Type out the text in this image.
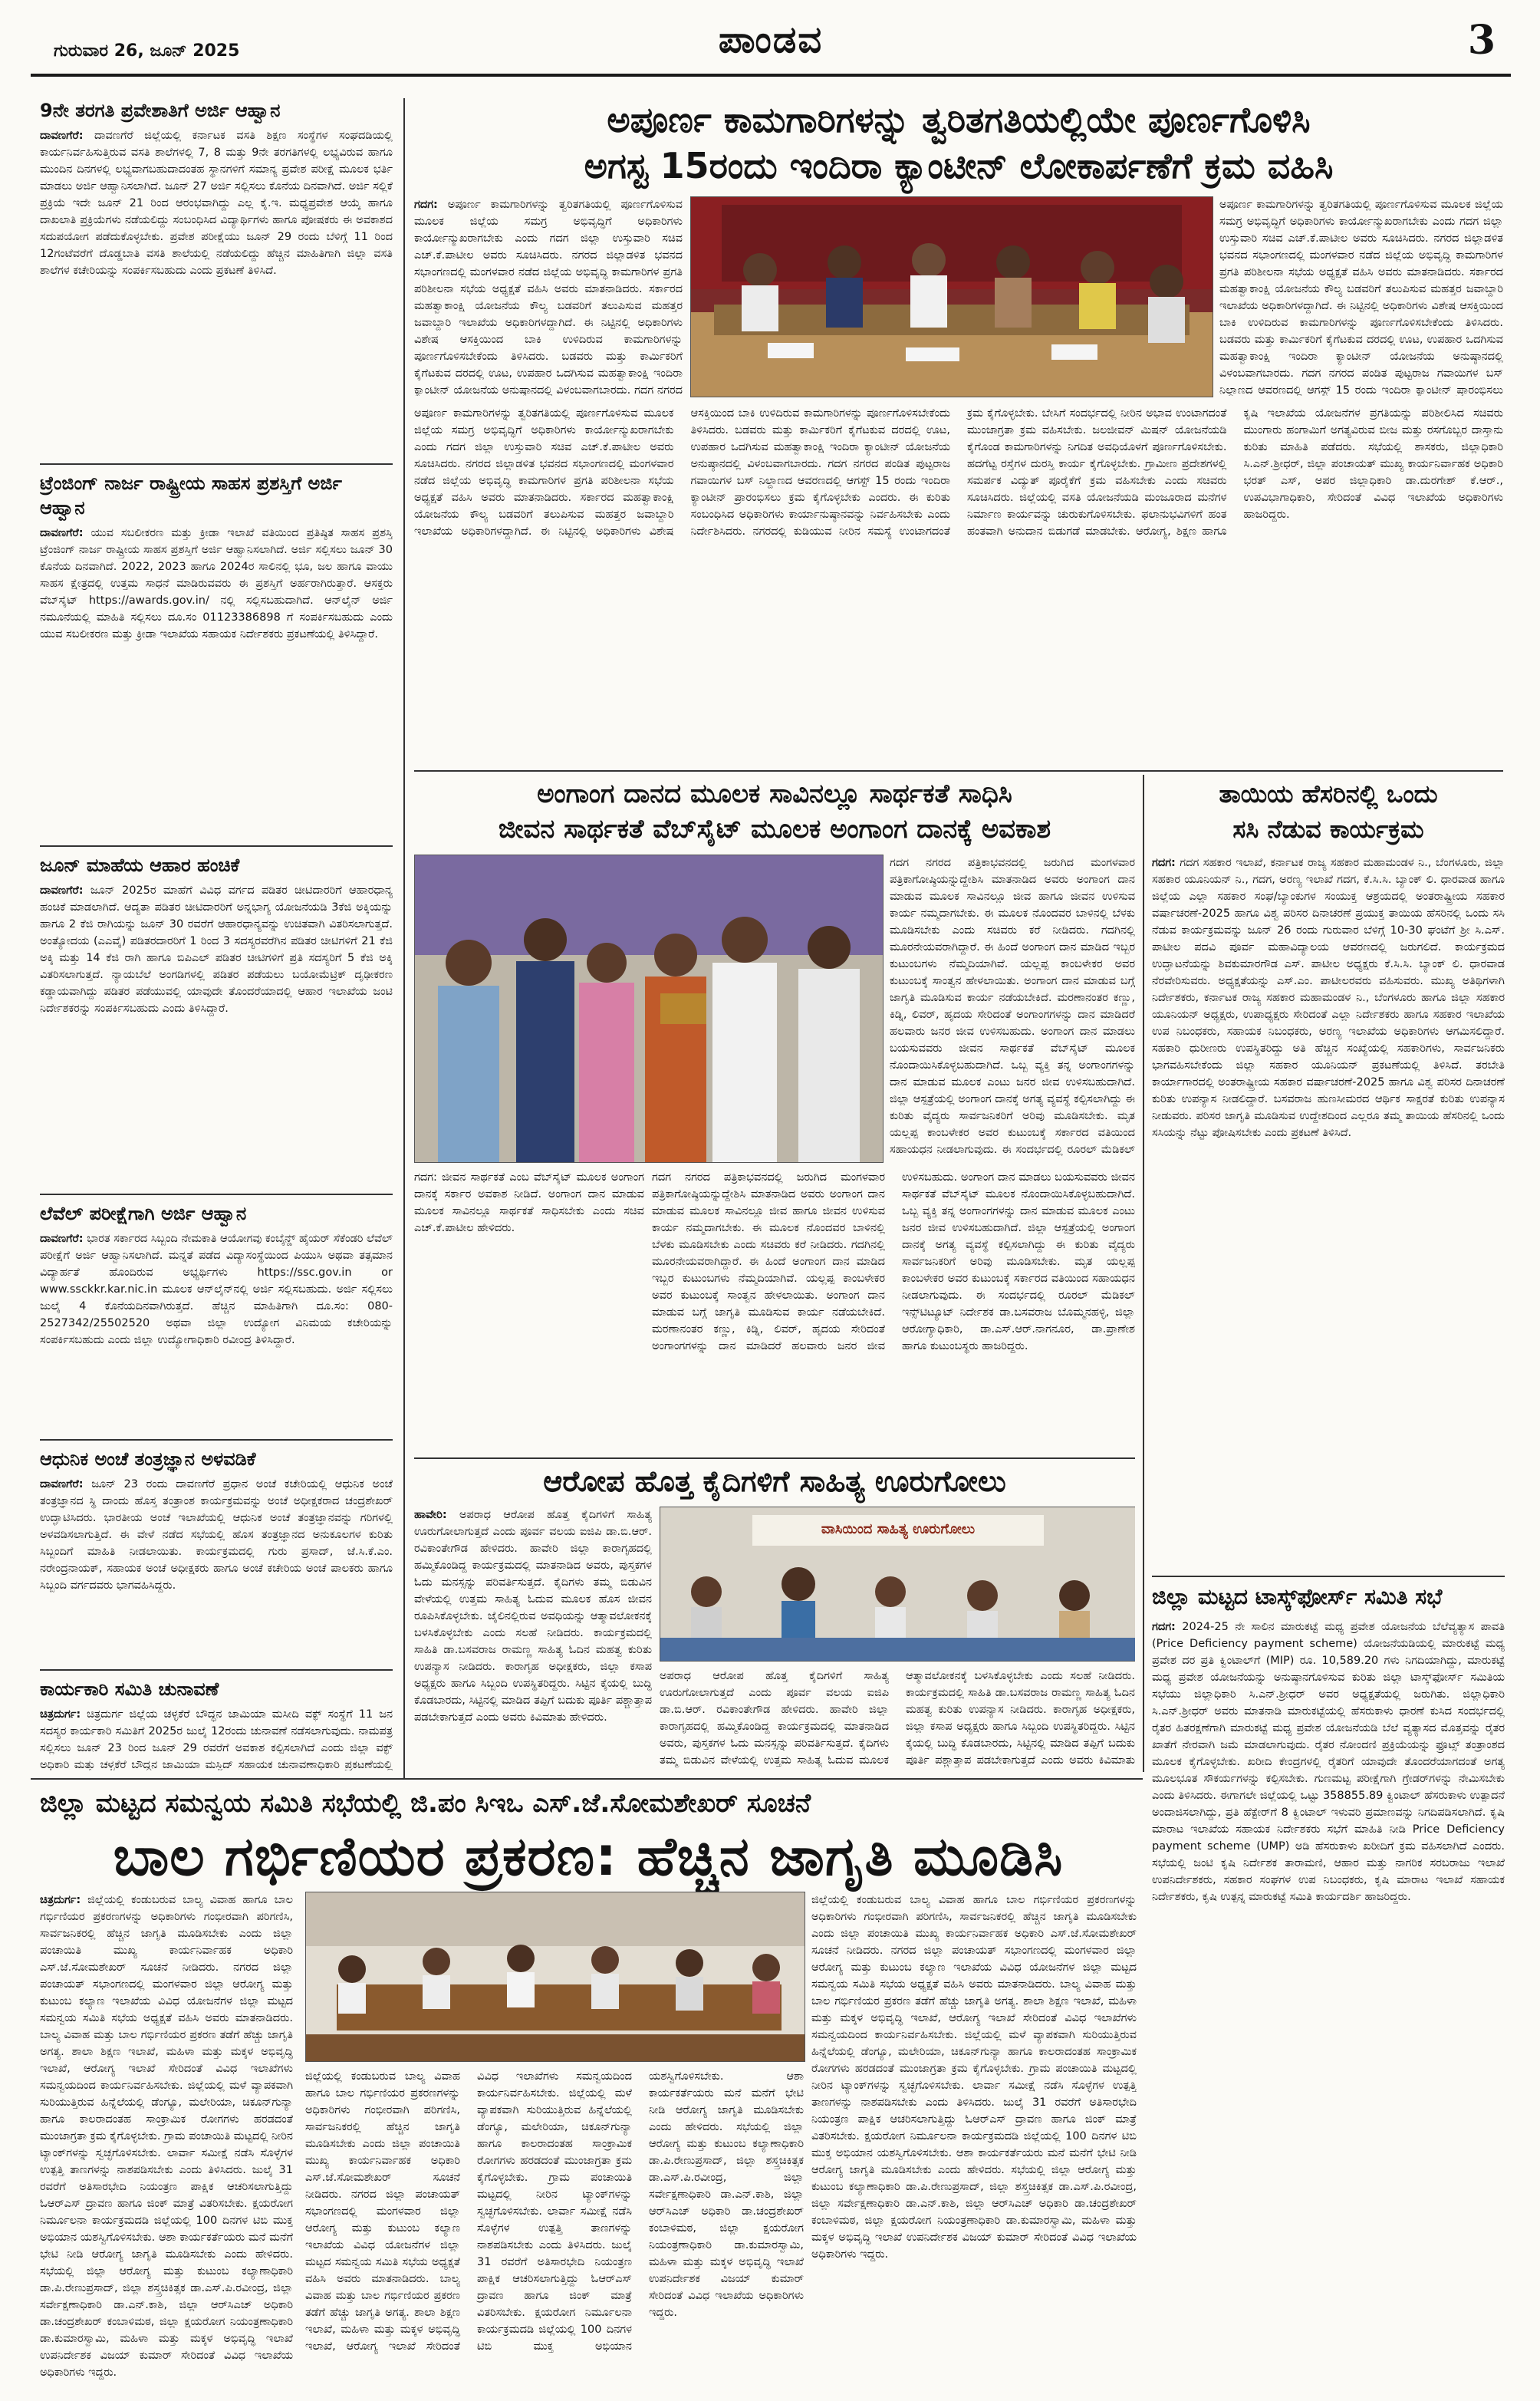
ಗುರುವಾರ 26, ಜೂನ್ 2025	ಪಾಂಡವ	3
9ನೇ ತರಗತಿ ಪ್ರವೇಶಾತಿಗೆ ಅರ್ಜಿ ಆಹ್ವಾನ

ದಾವಣಗೆರೆ: ದಾವಣಗೆರೆ ಜಿಲ್ಲೆಯಲ್ಲಿ ಕರ್ನಾಟಕ ವಸತಿ ಶಿಕ್ಷಣ ಸಂಸ್ಥೆಗಳ ಸಂಘದಡಿಯಲ್ಲಿ ಕಾರ್ಯನಿರ್ವಹಿಸುತ್ತಿರುವ ವಸತಿ ಶಾಲೆಗಳಲ್ಲಿ 7, 8 ಮತ್ತು 9ನೇ ತರಗತಿಗಳಲ್ಲಿ ಲಭ್ಯವಿರುವ ಹಾಗೂ ಮುಂದಿನ ದಿನಗಳಲ್ಲಿ ಲಭ್ಯವಾಗಬಹುದಾದಂತಹ ಸ್ಥಾನಗಳಿಗೆ ಸಮಾನ್ಯ ಪ್ರವೇಶ ಪರೀಕ್ಷೆ ಮೂಲಕ ಭರ್ತಿ ಮಾಡಲು ಅರ್ಜಿ ಆಹ್ವಾನಿಸಲಾಗಿದೆ. ಜೂನ್ 27 ಅರ್ಜಿ ಸಲ್ಲಿಸಲು ಕೊನೆಯ ದಿನವಾಗಿದೆ. ಅರ್ಜಿ ಸಲ್ಲಿಕೆ ಪ್ರಕ್ರಿಯೆ ಇದೇ ಜೂನ್ 21 ರಿಂದ ಆರಂಭವಾಗಿದ್ದು ಎಲ್ಲ ಕೈ.ಇ. ಮಧ್ಯಪ್ರವೇಶ ಆಯ್ಕೆ ಹಾಗೂ ದಾಖಲಾತಿ ಪ್ರಕ್ರಿಯೆಗಳು ನಡೆಯಲಿದ್ದು ಸಂಬಂಧಿಸಿದ ವಿದ್ಯಾರ್ಥಿಗಳು ಹಾಗೂ ಪೋಷಕರು ಈ ಅವಕಾಶದ ಸದುಪಯೋಗ ಪಡೆದುಕೊಳ್ಳಬೇಕು. ಪ್ರವೇಶ ಪರೀಕ್ಷೆಯು ಜೂನ್ 29 ರಂದು ಬೆಳಿಗ್ಗೆ 11 ರಿಂದ 12ಗಂಟೆವರೆಗೆ ದೊಡ್ಡಬಾತಿ ವಸತಿ ಶಾಲೆಯಲ್ಲಿ ನಡೆಯಲಿದ್ದು ಹೆಚ್ಚಿನ ಮಾಹಿತಿಗಾಗಿ ಜಿಲ್ಲಾ ವಸತಿ ಶಾಲೆಗಳ ಕಚೇರಿಯನ್ನು ಸಂಪರ್ಕಿಸಬಹುದು ಎಂದು ಪ್ರಕಟಣೆ ತಿಳಿಸಿದೆ.

ಟ್ರೆಂಜಿಂಗ್ ನಾರ್ಜ ರಾಷ್ಟ್ರೀಯ ಸಾಹಸ ಪ್ರಶಸ್ತಿಗೆ ಅರ್ಜಿ ಆಹ್ವಾನ

ದಾವಣಗೆರೆ: ಯುವ ಸಬಲೀಕರಣ ಮತ್ತು ಕ್ರೀಡಾ ಇಲಾಖೆ ವತಿಯಿಂದ ಪ್ರತಿಷ್ಠಿತ ಸಾಹಸ ಪ್ರಶಸ್ತಿ ಟ್ರೆಂಜಿಂಗ್ ನಾರ್ಜ ರಾಷ್ಟ್ರೀಯ ಸಾಹಸ ಪ್ರಶಸ್ತಿಗೆ ಅರ್ಜಿ ಆಹ್ವಾನಿಸಲಾಗಿದೆ. ಅರ್ಜಿ ಸಲ್ಲಿಸಲು ಜೂನ್ 30 ಕೊನೆಯ ದಿನವಾಗಿದೆ. 2022, 2023 ಹಾಗೂ 2024ರ ಸಾಲಿನಲ್ಲಿ ಭೂ, ಜಲ ಹಾಗೂ ವಾಯು ಸಾಹಸ ಕ್ಷೇತ್ರದಲ್ಲಿ ಉತ್ತಮ ಸಾಧನೆ ಮಾಡಿರುವವರು ಈ ಪ್ರಶಸ್ತಿಗೆ ಅರ್ಹರಾಗಿರುತ್ತಾರೆ. ಆಸಕ್ತರು ವೆಬ್‌ಸೈಟ್ https://awards.gov.in/ ನಲ್ಲಿ ಸಲ್ಲಿಸಬಹುದಾಗಿದೆ. ಆನ್‌ಲೈನ್ ಅರ್ಜಿ ನಮೂನೆಯಲ್ಲಿ ಮಾಹಿತಿ ಸಲ್ಲಿಸಲು ದೂ.ಸಂ 01123386898 ಗೆ ಸಂಪರ್ಕಿಸಬಹುದು ಎಂದು ಯುವ ಸಬಲೀಕರಣ ಮತ್ತು ಕ್ರೀಡಾ ಇಲಾಖೆಯ ಸಹಾಯಕ ನಿರ್ದೇಶಕರು ಪ್ರಕಟಣೆಯಲ್ಲಿ ತಿಳಿಸಿದ್ದಾರೆ.

ಜೂನ್ ಮಾಹೆಯ ಆಹಾರ ಹಂಚಿಕೆ

ದಾವಣಗೆರೆ: ಜೂನ್ 2025ರ ಮಾಹೆಗೆ ವಿವಿಧ ವರ್ಗದ ಪಡಿತರ ಚೀಟಿದಾರರಿಗೆ ಆಹಾರಧಾನ್ಯ ಹಂಚಿಕೆ ಮಾಡಲಾಗಿದೆ. ಆದ್ಯತಾ ಪಡಿತರ ಚೀಟಿದಾರರಿಗೆ ಅನ್ನಭಾಗ್ಯ ಯೋಜನೆಯಡಿ 3ಕೆಜಿ ಅಕ್ಕಿಯನ್ನು ಹಾಗೂ 2 ಕೆಜಿ ರಾಗಿಯನ್ನು ಜೂನ್ 30 ರವರೆಗೆ ಆಹಾರಧಾನ್ಯವನ್ನು ಉಚಿತವಾಗಿ ವಿತರಿಸಲಾಗುತ್ತದೆ. ಅಂತ್ಯೋದಯ (ಎಎವೈ) ಪಡಿತರದಾರರಿಗೆ 1 ರಿಂದ 3 ಸದಸ್ಯರವರೆಗಿನ ಪಡಿತರ ಚೀಟಿಗಳಿಗೆ 21 ಕೆಜಿ ಅಕ್ಕಿ ಮತ್ತು 14 ಕೆಜಿ ರಾಗಿ ಹಾಗೂ ಬಿಪಿಎಲ್ ಪಡಿತರ ಚೀಟಿಗಳಿಗೆ ಪ್ರತಿ ಸದಸ್ಯರಿಗೆ 5 ಕೆಜಿ ಅಕ್ಕಿ ವಿತರಿಸಲಾಗುತ್ತದೆ. ನ್ಯಾಯಬೆಲೆ ಅಂಗಡಿಗಳಲ್ಲಿ ಪಡಿತರ ಪಡೆಯಲು ಬಯೋಮೆಟ್ರಿಕ್ ದೃಢೀಕರಣ ಕಡ್ಡಾಯವಾಗಿದ್ದು ಪಡಿತರ ಪಡೆಯುವಲ್ಲಿ ಯಾವುದೇ ತೊಂದರೆಯಾದಲ್ಲಿ ಆಹಾರ ಇಲಾಖೆಯ ಜಂಟಿ ನಿರ್ದೇಶಕರನ್ನು ಸಂಪರ್ಕಿಸಬಹುದು ಎಂದು ತಿಳಿಸಿದ್ದಾರೆ.

ಲೆವೆಲ್ ಪರೀಕ್ಷೆಗಾಗಿ ಅರ್ಜಿ ಆಹ್ವಾನ

ದಾವಣಗೆರೆ: ಭಾರತ ಸರ್ಕಾರದ ಸಿಬ್ಬಂದಿ ನೇಮಕಾತಿ ಆಯೋಗವು ಕಂಬೈನ್ಡ್ ಹೈಯರ್ ಸೆಕೆಂಡರಿ ಲೆವೆಲ್ ಪರೀಕ್ಷೆಗೆ ಅರ್ಜಿ ಆಹ್ವಾನಿಸಲಾಗಿದೆ. ಮನ್ನತೆ ಪಡೆದ ವಿದ್ಯಾಸಂಸ್ಥೆಯಿಂದ ಪಿಯುಸಿ ಅಥವಾ ತತ್ಸಮಾನ ವಿದ್ಯಾರ್ಹತೆ ಹೊಂದಿರುವ ಅಭ್ಯರ್ಥಿಗಳು https://ssc.gov.in or www.ssckkr.kar.nic.in ಮೂಲಕ ಆನ್‌ಲೈನ್‌ನಲ್ಲಿ ಅರ್ಜಿ ಸಲ್ಲಿಸಬಹುದು. ಅರ್ಜಿ ಸಲ್ಲಿಸಲು ಜುಲೈ 4 ಕೊನೆಯದಿನವಾಗಿರುತ್ತದೆ. ಹೆಚ್ಚಿನ ಮಾಹಿತಿಗಾಗಿ ದೂ.ಸಂ: 080-2527342/25502520 ಅಥವಾ ಜಿಲ್ಲಾ ಉದ್ಯೋಗ ವಿನಿಮಯ ಕಚೇರಿಯನ್ನು ಸಂಪರ್ಕಿಸಬಹುದು ಎಂದು ಜಿಲ್ಲಾ ಉದ್ಯೋಗಾಧಿಕಾರಿ ರವೀಂದ್ರ ತಿಳಿಸಿದ್ದಾರೆ.

ಆಧುನಿಕ ಅಂಚೆ ತಂತ್ರಜ್ಞಾನ ಅಳವಡಿಕೆ

ದಾವಣಗೆರೆ: ಜೂನ್ 23 ರಂದು ದಾವಣಗೆರೆ ಪ್ರಧಾನ ಅಂಚೆ ಕಚೇರಿಯಲ್ಲಿ ಆಧುನಿಕ ಅಂಚೆ ತಂತ್ರಜ್ಞಾನದ ಸ್ಥಿ ದಾಂದು ಹೊಸ್ತ ತಂತ್ರಾಂಶ ಕಾರ್ಯಕ್ರಮವನ್ನು ಅಂಚೆ ಅಧೀಕ್ಷಕರಾದ ಚಂದ್ರಶೇಖರ್ ಉದ್ಘಾಟಿಸಿದರು. ಭಾರತೀಯ ಅಂಚೆ ಇಲಾಖೆಯಲ್ಲಿ ಆಧುನಿಕ ಅಂಚೆ ತಂತ್ರಜ್ಞಾನವನ್ನು ಗರಿಗಳಲ್ಲಿ ಅಳವಡಿಸಲಾಗುತ್ತಿದೆ. ಈ ವೇಳೆ ನಡೆದ ಸಭೆಯಲ್ಲಿ ಹೊಸ ತಂತ್ರಜ್ಞಾನದ ಅನುಕೂಲಗಳ ಕುರಿತು ಸಿಬ್ಬಂದಿಗೆ ಮಾಹಿತಿ ನೀಡಲಾಯಿತು. ಕಾರ್ಯಕ್ರಮದಲ್ಲಿ ಗುರು ಪ್ರಸಾದ್, ಜೆ.ಸಿ.ಕೆ.ಎಂ. ನರೇಂದ್ರನಾಯಕ್, ಸಹಾಯಕ ಅಂಚೆ ಅಧೀಕ್ಷಕರು ಹಾಗೂ ಅಂಚೆ ಕಚೇರಿಯ ಅಂಚೆ ಪಾಲಕರು ಹಾಗೂ ಸಿಬ್ಬಂದಿ ವರ್ಗದವರು ಭಾಗವಹಿಸಿದ್ದರು.

ಕಾರ್ಯಕಾರಿ ಸಮಿತಿ ಚುನಾವಣೆ

ಚಿತ್ರದುರ್ಗ: ಚಿತ್ರದುರ್ಗ ಜಿಲ್ಲೆಯ ಚಳ್ಳಕೆರೆ ಬೌದ್ಧನ ಜಾಮಿಯಾ ಮಸೀದಿ ವಕ್ಫ್ ಸಂಸ್ಥೆಗೆ 11 ಜನ ಸದಸ್ಯರ ಕಾರ್ಯಕಾರಿ ಸಮಿತಿಗೆ 2025ರ ಜುಲೈ 12ರಂದು ಚುನಾವಣೆ ನಡೆಸಲಾಗುವುದು. ನಾಮಪತ್ರ ಸಲ್ಲಿಸಲು ಜೂನ್ 23 ರಿಂದ ಜೂನ್ 29 ರವರೆಗೆ ಅವಕಾಶ ಕಲ್ಪಿಸಲಾಗಿದೆ ಎಂದು ಜಿಲ್ಲಾ ವಕ್ಫ್ ಅಧಿಕಾರಿ ಮತ್ತು ಚಳ್ಳಕೆರೆ ಬೌದ್ಧನ ಜಾಮಿಯಾ ಮಸ್ಜಿದ್ ಸಹಾಯಕ ಚುನಾವಣಾಧಿಕಾರಿ ಪ್ರಕಟಣೆಯಲ್ಲಿ

ಅಪೂರ್ಣ ಕಾಮಗಾರಿಗಳನ್ನು ತ್ವರಿತಗತಿಯಲ್ಲಿಯೇ ಪೂರ್ಣಗೊಳಿಸಿ
ಅಗಸ್ಟ 15ರಂದು ಇಂದಿರಾ ಕ್ಯಾಂಟೀನ್ ಲೋಕಾರ್ಪಣೆಗೆ ಕ್ರಮ ವಹಿಸಿ

ಗದಗ: ಅಪೂರ್ಣ ಕಾಮಗಾರಿಗಳನ್ನು ತ್ವರಿತಗತಿಯಲ್ಲಿ ಪೂರ್ಣಗೊಳಿಸುವ ಮೂಲಕ ಜಿಲ್ಲೆಯ ಸಮಗ್ರ ಅಭಿವೃದ್ಧಿಗೆ ಅಧಿಕಾರಿಗಳು ಕಾರ್ಯೋನ್ಮುಖರಾಗಬೇಕು ಎಂದು ಗದಗ ಜಿಲ್ಲಾ ಉಸ್ತುವಾರಿ ಸಚಿವ ಎಚ್.ಕೆ.ಪಾಟೀಲ ಅವರು ಸೂಚಿಸಿದರು. ನಗರದ ಜಿಲ್ಲಾಡಳಿತ ಭವನದ ಸಭಾಂಗಣದಲ್ಲಿ ಮಂಗಳವಾರ ನಡೆದ ಜಿಲ್ಲೆಯ ಅಭಿವೃದ್ಧಿ ಕಾಮಗಾರಿಗಳ ಪ್ರಗತಿ ಪರಿಶೀಲನಾ ಸಭೆಯ ಅಧ್ಯಕ್ಷತೆ ವಹಿಸಿ ಅವರು ಮಾತನಾಡಿದರು. ಸರ್ಕಾರದ ಮಹತ್ವಾಕಾಂಕ್ಷಿ ಯೋಜನೆಯ ಕೌಲ್ಯ ಬಡವರಿಗೆ ತಲುಪಿಸುವ ಮಹತ್ತರ ಜವಾಬ್ದಾರಿ ಇಲಾಖೆಯ ಅಧಿಕಾರಿಗಳದ್ದಾಗಿದೆ. ಈ ನಿಟ್ಟಿನಲ್ಲಿ ಅಧಿಕಾರಿಗಳು ವಿಶೇಷ ಆಸಕ್ತಿಯಿಂದ ಬಾಕಿ ಉಳಿದಿರುವ ಕಾಮಗಾರಿಗಳನ್ನು ಪೂರ್ಣಗೊಳಿಸಬೇಕೆಂದು ತಿಳಿಸಿದರು. ಬಡವರು ಮತ್ತು ಕಾರ್ಮಿಕರಿಗೆ ಕೈಗೆಟಕುವ ದರದಲ್ಲಿ ಊಟ, ಉಪಹಾರ ಒದಗಿಸುವ ಮಹತ್ವಾಕಾಂಕ್ಷಿ ಇಂದಿರಾ ಕ್ಯಾಂಟೀನ್ ಯೋಜನೆಯ ಅನುಷ್ಠಾನದಲ್ಲಿ ವಿಳಂಬವಾಗಬಾರದು. ಗದಗ ನಗರದ

ಅಪೂರ್ಣ ಕಾಮಗಾರಿಗಳನ್ನು ತ್ವರಿತಗತಿಯಲ್ಲಿ ಪೂರ್ಣಗೊಳಿಸುವ ಮೂಲಕ ಜಿಲ್ಲೆಯ ಸಮಗ್ರ ಅಭಿವೃದ್ಧಿಗೆ ಅಧಿಕಾರಿಗಳು ಕಾರ್ಯೋನ್ಮುಖರಾಗಬೇಕು ಎಂದು ಗದಗ ಜಿಲ್ಲಾ ಉಸ್ತುವಾರಿ ಸಚಿವ ಎಚ್.ಕೆ.ಪಾಟೀಲ ಅವರು ಸೂಚಿಸಿದರು. ನಗರದ ಜಿಲ್ಲಾಡಳಿತ ಭವನದ ಸಭಾಂಗಣದಲ್ಲಿ ಮಂಗಳವಾರ ನಡೆದ ಜಿಲ್ಲೆಯ ಅಭಿವೃದ್ಧಿ ಕಾಮಗಾರಿಗಳ ಪ್ರಗತಿ ಪರಿಶೀಲನಾ ಸಭೆಯ ಅಧ್ಯಕ್ಷತೆ ವಹಿಸಿ ಅವರು ಮಾತನಾಡಿದರು. ಸರ್ಕಾರದ ಮಹತ್ವಾಕಾಂಕ್ಷಿ ಯೋಜನೆಯ ಕೌಲ್ಯ ಬಡವರಿಗೆ ತಲುಪಿಸುವ ಮಹತ್ತರ ಜವಾಬ್ದಾರಿ ಇಲಾಖೆಯ ಅಧಿಕಾರಿಗಳದ್ದಾಗಿದೆ. ಈ ನಿಟ್ಟಿನಲ್ಲಿ ಅಧಿಕಾರಿಗಳು ವಿಶೇಷ ಆಸಕ್ತಿಯಿಂದ ಬಾಕಿ ಉಳಿದಿರುವ ಕಾಮಗಾರಿಗಳನ್ನು ಪೂರ್ಣಗೊಳಿಸಬೇಕೆಂದು ತಿಳಿಸಿದರು. ಬಡವರು ಮತ್ತು ಕಾರ್ಮಿಕರಿಗೆ ಕೈಗೆಟಕುವ ದರದಲ್ಲಿ ಊಟ, ಉಪಹಾರ ಒದಗಿಸುವ ಮಹತ್ವಾಕಾಂಕ್ಷಿ ಇಂದಿರಾ ಕ್ಯಾಂಟೀನ್ ಯೋಜನೆಯ ಅನುಷ್ಠಾನದಲ್ಲಿ ವಿಳಂಬವಾಗಬಾರದು. ಗದಗ ನಗರದ ಪಂಡಿತ ಪುಟ್ಟರಾಜ ಗವಾಯಿಗಳ ಬಸ್ ನಿಲ್ದಾಣದ ಆವರಣದಲ್ಲಿ ಆಗಸ್ಟ್ 15 ರಂದು ಇಂದಿರಾ ಕ್ಯಾಂಟೀನ್ ಪ್ರಾರಂಭಿಸಲು

ಅಪೂರ್ಣ ಕಾಮಗಾರಿಗಳನ್ನು ತ್ವರಿತಗತಿಯಲ್ಲಿ ಪೂರ್ಣಗೊಳಿಸುವ ಮೂಲಕ ಜಿಲ್ಲೆಯ ಸಮಗ್ರ ಅಭಿವೃದ್ಧಿಗೆ ಅಧಿಕಾರಿಗಳು ಕಾರ್ಯೋನ್ಮುಖರಾಗಬೇಕು ಎಂದು ಗದಗ ಜಿಲ್ಲಾ ಉಸ್ತುವಾರಿ ಸಚಿವ ಎಚ್.ಕೆ.ಪಾಟೀಲ ಅವರು ಸೂಚಿಸಿದರು. ನಗರದ ಜಿಲ್ಲಾಡಳಿತ ಭವನದ ಸಭಾಂಗಣದಲ್ಲಿ ಮಂಗಳವಾರ ನಡೆದ ಜಿಲ್ಲೆಯ ಅಭಿವೃದ್ಧಿ ಕಾಮಗಾರಿಗಳ ಪ್ರಗತಿ ಪರಿಶೀಲನಾ ಸಭೆಯ ಅಧ್ಯಕ್ಷತೆ ವಹಿಸಿ ಅವರು ಮಾತನಾಡಿದರು. ಸರ್ಕಾರದ ಮಹತ್ವಾಕಾಂಕ್ಷಿ ಯೋಜನೆಯ ಕೌಲ್ಯ ಬಡವರಿಗೆ ತಲುಪಿಸುವ ಮಹತ್ತರ ಜವಾಬ್ದಾರಿ ಇಲಾಖೆಯ ಅಧಿಕಾರಿಗಳದ್ದಾಗಿದೆ. ಈ ನಿಟ್ಟಿನಲ್ಲಿ ಅಧಿಕಾರಿಗಳು ವಿಶೇಷ ಆಸಕ್ತಿಯಿಂದ ಬಾಕಿ ಉಳಿದಿರುವ ಕಾಮಗಾರಿಗಳನ್ನು ಪೂರ್ಣಗೊಳಿಸಬೇಕೆಂದು ತಿಳಿಸಿದರು. ಬಡವರು ಮತ್ತು ಕಾರ್ಮಿಕರಿಗೆ ಕೈಗೆಟಕುವ ದರದಲ್ಲಿ ಊಟ, ಉಪಹಾರ ಒದಗಿಸುವ ಮಹತ್ವಾಕಾಂಕ್ಷಿ ಇಂದಿರಾ ಕ್ಯಾಂಟೀನ್ ಯೋಜನೆಯ ಅನುಷ್ಠಾನದಲ್ಲಿ ವಿಳಂಬವಾಗಬಾರದು. ಗದಗ ನಗರದ ಪಂಡಿತ ಪುಟ್ಟರಾಜ ಗವಾಯಿಗಳ ಬಸ್ ನಿಲ್ದಾಣದ ಆವರಣದಲ್ಲಿ ಆಗಸ್ಟ್ 15 ರಂದು ಇಂದಿರಾ ಕ್ಯಾಂಟೀನ್ ಪ್ರಾರಂಭಿಸಲು ಕ್ರಮ ಕೈಗೊಳ್ಳಬೇಕು ಎಂದರು. ಈ ಕುರಿತು ಸಂಬಂಧಿಸಿದ ಅಧಿಕಾರಿಗಳು ಕಾರ್ಯಾನುಷ್ಠಾನವನ್ನು ನಿರ್ವಹಿಸಬೇಕು ಎಂದು ನಿರ್ದೇಶಿಸಿದರು. ನಗರದಲ್ಲಿ ಕುಡಿಯುವ ನೀರಿನ ಸಮಸ್ಯೆ ಉಂಟಾಗದಂತೆ ಕ್ರಮ ಕೈಗೊಳ್ಳಬೇಕು. ಬೇಸಿಗೆ ಸಂದರ್ಭದಲ್ಲಿ ನೀರಿನ ಅಭಾವ ಉಂಟಾಗದಂತೆ ಮುಂಜಾಗ್ರತಾ ಕ್ರಮ ವಹಿಸಬೇಕು. ಜಲಜೀವನ್ ಮಿಷನ್ ಯೋಜನೆಯಡಿ ಕೈಗೊಂಡ ಕಾಮಗಾರಿಗಳನ್ನು ನಿಗದಿತ ಅವಧಿಯೊಳಗೆ ಪೂರ್ಣಗೊಳಿಸಬೇಕು. ಹದಗೆಟ್ಟ ರಸ್ತೆಗಳ ದುರಸ್ತಿ ಕಾರ್ಯ ಕೈಗೊಳ್ಳಬೇಕು. ಗ್ರಾಮೀಣ ಪ್ರದೇಶಗಳಲ್ಲಿ ಸಮರ್ಪಕ ವಿದ್ಯುತ್ ಪೂರೈಕೆಗೆ ಕ್ರಮ ವಹಿಸಬೇಕು ಎಂದು ಸಚಿವರು ಸೂಚಿಸಿದರು. ಜಿಲ್ಲೆಯಲ್ಲಿ ವಸತಿ ಯೋಜನೆಯಡಿ ಮಂಜೂರಾದ ಮನೆಗಳ ನಿರ್ಮಾಣ ಕಾರ್ಯವನ್ನು ಚುರುಕುಗೊಳಿಸಬೇಕು. ಫಲಾನುಭವಿಗಳಿಗೆ ಹಂತ ಹಂತವಾಗಿ ಅನುದಾನ ಬಿಡುಗಡೆ ಮಾಡಬೇಕು. ಆರೋಗ್ಯ, ಶಿಕ್ಷಣ ಹಾಗೂ ಕೃಷಿ ಇಲಾಖೆಯ ಯೋಜನೆಗಳ ಪ್ರಗತಿಯನ್ನು ಪರಿಶೀಲಿಸಿದ ಸಚಿವರು ಮುಂಗಾರು ಹಂಗಾಮಿಗೆ ಅಗತ್ಯವಿರುವ ಬೀಜ ಮತ್ತು ರಸಗೊಬ್ಬರ ದಾಸ್ತಾನು ಕುರಿತು ಮಾಹಿತಿ ಪಡೆದರು. ಸಭೆಯಲ್ಲಿ ಶಾಸಕರು, ಜಿಲ್ಲಾಧಿಕಾರಿ ಸಿ.ಎನ್.ಶ್ರೀಧರ್, ಜಿಲ್ಲಾ ಪಂಚಾಯತ್ ಮುಖ್ಯ ಕಾರ್ಯನಿರ್ವಾಹಕ ಅಧಿಕಾರಿ ಭರತ್ ಎಸ್, ಅಪರ ಜಿಲ್ಲಾಧಿಕಾರಿ ಡಾ.ದುರಗೇಶ್ ಕೆ.ಆರ್., ಉಪವಿಭಾಗಾಧಿಕಾರಿ, ಸೇರಿದಂತೆ ವಿವಿಧ ಇಲಾಖೆಯ ಅಧಿಕಾರಿಗಳು ಹಾಜರಿದ್ದರು.

ಅಂಗಾಂಗ ದಾನದ ಮೂಲಕ ಸಾವಿನಲ್ಲೂ ಸಾರ್ಥಕತೆ ಸಾಧಿಸಿ
ಜೀವನ ಸಾರ್ಥಕತೆ ವೆಬ್‌ಸೈಟ್ ಮೂಲಕ ಅಂಗಾಂಗ ದಾನಕ್ಕೆ ಅವಕಾಶ

ಗದಗ ನಗರದ ಪತ್ರಿಕಾಭವನದಲ್ಲಿ ಜರುಗಿದ ಮಂಗಳವಾರ ಪತ್ರಿಕಾಗೋಷ್ಠಿಯನ್ನುದ್ದೇಶಿಸಿ ಮಾತನಾಡಿದ ಅವರು ಅಂಗಾಂಗ ದಾನ ಮಾಡುವ ಮೂಲಕ ಸಾವಿನಲ್ಲೂ ಜೀವ ಹಾಗೂ ಜೀವನ ಉಳಿಸುವ ಕಾರ್ಯ ನಮ್ಮದಾಗಬೇಕು. ಈ ಮೂಲಕ ನೊಂದವರ ಬಾಳಿನಲ್ಲಿ ಬೆಳಕು ಮೂಡಿಸಬೇಕು ಎಂದು ಸಚಿವರು ಕರೆ ನೀಡಿದರು. ಗದಗಿನಲ್ಲಿ ಮೂರನೇಯವರಾಗಿದ್ದಾರೆ. ಈ ಹಿಂದೆ ಅಂಗಾಂಗ ದಾನ ಮಾಡಿದ ಇಬ್ಬರ ಕುಟುಂಬಗಳು ನೆಮ್ಮದಿಯಾಗಿವೆ. ಯಲ್ಲಪ್ಪ ಕಾಂಬಳೇಕರ ಅವರ ಕುಟುಂಬಕ್ಕೆ ಸಾಂತ್ವನ ಹೇಳಲಾಯಿತು. ಅಂಗಾಂಗ ದಾನ ಮಾಡುವ ಬಗ್ಗೆ ಜಾಗೃತಿ ಮೂಡಿಸುವ ಕಾರ್ಯ ನಡೆಯಬೇಕಿದೆ. ಮರಣಾನಂತರ ಕಣ್ಣು, ಕಿಡ್ನಿ, ಲಿವರ್, ಹೃದಯ ಸೇರಿದಂತೆ ಅಂಗಾಂಗಗಳನ್ನು ದಾನ ಮಾಡಿದರೆ ಹಲವಾರು ಜನರ ಜೀವ ಉಳಿಸಬಹುದು. ಅಂಗಾಂಗ ದಾನ ಮಾಡಲು ಬಯಸುವವರು ಜೀವನ ಸಾರ್ಥಕತೆ ವೆಬ್‌ಸೈಟ್ ಮೂಲಕ ನೊಂದಾಯಿಸಿಕೊಳ್ಳಬಹುದಾಗಿದೆ. ಒಬ್ಬ ವ್ಯಕ್ತಿ ತನ್ನ ಅಂಗಾಂಗಗಳನ್ನು ದಾನ ಮಾಡುವ ಮೂಲಕ ಎಂಟು ಜನರ ಜೀವ ಉಳಿಸಬಹುದಾಗಿದೆ. ಜಿಲ್ಲಾ ಆಸ್ಪತ್ರೆಯಲ್ಲಿ ಅಂಗಾಂಗ ದಾನಕ್ಕೆ ಅಗತ್ಯ ವ್ಯವಸ್ಥೆ ಕಲ್ಪಿಸಲಾಗಿದ್ದು ಈ ಕುರಿತು ವೈದ್ಯರು ಸಾರ್ವಜನಿಕರಿಗೆ ಅರಿವು ಮೂಡಿಸಬೇಕು. ಮೃತ ಯಲ್ಲಪ್ಪ ಕಾಂಬಳೇಕರ ಅವರ ಕುಟುಂಬಕ್ಕೆ ಸರ್ಕಾರದ ವತಿಯಿಂದ ಸಹಾಯಧನ ನೀಡಲಾಗುವುದು. ಈ ಸಂದರ್ಭದಲ್ಲಿ ರೂರಲ್ ಮೆಡಿಕಲ್

ಗದಗ: ಜೀವನ ಸಾರ್ಥಕತೆ ಎಂಬ ವೆಬ್‌ಸೈಟ್ ಮೂಲಕ ಅಂಗಾಂಗ ದಾನಕ್ಕೆ ಸರ್ಕಾರ ಅವಕಾಶ ನೀಡಿದೆ. ಅಂಗಾಂಗ ದಾನ ಮಾಡುವ ಮೂಲಕ ಸಾವಿನಲ್ಲೂ ಸಾರ್ಥಕತೆ ಸಾಧಿಸಬೇಕು ಎಂದು ಸಚಿವ ಎಚ್.ಕೆ.ಪಾಟೀಲ ಹೇಳಿದರು.

ಗದಗ ನಗರದ ಪತ್ರಿಕಾಭವನದಲ್ಲಿ ಜರುಗಿದ ಮಂಗಳವಾರ ಪತ್ರಿಕಾಗೋಷ್ಠಿಯನ್ನುದ್ದೇಶಿಸಿ ಮಾತನಾಡಿದ ಅವರು ಅಂಗಾಂಗ ದಾನ ಮಾಡುವ ಮೂಲಕ ಸಾವಿನಲ್ಲೂ ಜೀವ ಹಾಗೂ ಜೀವನ ಉಳಿಸುವ ಕಾರ್ಯ ನಮ್ಮದಾಗಬೇಕು. ಈ ಮೂಲಕ ನೊಂದವರ ಬಾಳಿನಲ್ಲಿ ಬೆಳಕು ಮೂಡಿಸಬೇಕು ಎಂದು ಸಚಿವರು ಕರೆ ನೀಡಿದರು. ಗದಗಿನಲ್ಲಿ ಮೂರನೇಯವರಾಗಿದ್ದಾರೆ. ಈ ಹಿಂದೆ ಅಂಗಾಂಗ ದಾನ ಮಾಡಿದ ಇಬ್ಬರ ಕುಟುಂಬಗಳು ನೆಮ್ಮದಿಯಾಗಿವೆ. ಯಲ್ಲಪ್ಪ ಕಾಂಬಳೇಕರ ಅವರ ಕುಟುಂಬಕ್ಕೆ ಸಾಂತ್ವನ ಹೇಳಲಾಯಿತು. ಅಂಗಾಂಗ ದಾನ ಮಾಡುವ ಬಗ್ಗೆ ಜಾಗೃತಿ ಮೂಡಿಸುವ ಕಾರ್ಯ ನಡೆಯಬೇಕಿದೆ. ಮರಣಾನಂತರ ಕಣ್ಣು, ಕಿಡ್ನಿ, ಲಿವರ್, ಹೃದಯ ಸೇರಿದಂತೆ ಅಂಗಾಂಗಗಳನ್ನು ದಾನ ಮಾಡಿದರೆ ಹಲವಾರು ಜನರ ಜೀವ ಉಳಿಸಬಹುದು. ಅಂಗಾಂಗ ದಾನ ಮಾಡಲು ಬಯಸುವವರು ಜೀವನ ಸಾರ್ಥಕತೆ ವೆಬ್‌ಸೈಟ್ ಮೂಲಕ ನೊಂದಾಯಿಸಿಕೊಳ್ಳಬಹುದಾಗಿದೆ. ಒಬ್ಬ ವ್ಯಕ್ತಿ ತನ್ನ ಅಂಗಾಂಗಗಳನ್ನು ದಾನ ಮಾಡುವ ಮೂಲಕ ಎಂಟು ಜನರ ಜೀವ ಉಳಿಸಬಹುದಾಗಿದೆ. ಜಿಲ್ಲಾ ಆಸ್ಪತ್ರೆಯಲ್ಲಿ ಅಂಗಾಂಗ ದಾನಕ್ಕೆ ಅಗತ್ಯ ವ್ಯವಸ್ಥೆ ಕಲ್ಪಿಸಲಾಗಿದ್ದು ಈ ಕುರಿತು ವೈದ್ಯರು ಸಾರ್ವಜನಿಕರಿಗೆ ಅರಿವು ಮೂಡಿಸಬೇಕು. ಮೃತ ಯಲ್ಲಪ್ಪ ಕಾಂಬಳೇಕರ ಅವರ ಕುಟುಂಬಕ್ಕೆ ಸರ್ಕಾರದ ವತಿಯಿಂದ ಸಹಾಯಧನ ನೀಡಲಾಗುವುದು. ಈ ಸಂದರ್ಭದಲ್ಲಿ ರೂರಲ್ ಮೆಡಿಕಲ್ ಇನ್ಸ್‌ಟಿಟ್ಯೂಟ್ ನಿರ್ದೇಶಕ ಡಾ.ಬಸವರಾಜ ಬೊಮ್ಮನಹಳ್ಳಿ, ಜಿಲ್ಲಾ ಆರೋಗ್ಯಾಧಿಕಾರಿ, ಡಾ.ಎಸ್.ಆರ್.ನಾಗನೂರ, ಡಾ.ಪ್ರಾಣೇಶ ಹಾಗೂ ಕುಟುಂಬಸ್ಥರು ಹಾಜರಿದ್ದರು.

ತಾಯಿಯ ಹೆಸರಿನಲ್ಲಿ ಒಂದು
ಸಸಿ ನೆಡುವ ಕಾರ್ಯಕ್ರಮ

ಗದಗ: ಗದಗ ಸಹಕಾರ ಇಲಾಖೆ, ಕರ್ನಾಟಕ ರಾಜ್ಯ ಸಹಕಾರ ಮಹಾಮಂಡಳ ನಿ., ಬೆಂಗಳೂರು, ಜಿಲ್ಲಾ ಸಹಕಾರ ಯೂನಿಯನ್ ನಿ., ಗದಗ, ಅರಣ್ಯ ಇಲಾಖೆ ಗದಗ, ಕೆ.ಸಿ.ಸಿ. ಬ್ಯಾಂಕ್ ಲಿ. ಧಾರವಾಡ ಹಾಗೂ ಜಿಲ್ಲೆಯ ಎಲ್ಲಾ ಸಹಕಾರ ಸಂಘ/ಬ್ಯಾಂಕುಗಳ ಸಂಯುಕ್ತ ಆಶ್ರಯದಲ್ಲಿ ಅಂತರಾಷ್ಟ್ರೀಯ ಸಹಕಾರ ವರ್ಷಾಚರಣೆ-2025 ಹಾಗೂ ವಿಶ್ವ ಪರಿಸರ ದಿನಾಚರಣೆ ಪ್ರಯುಕ್ತ ತಾಯಿಯ ಹೆಸರಿನಲ್ಲಿ ಒಂದು ಸಸಿ ನೆಡುವ ಕಾರ್ಯಕ್ರಮವನ್ನು ಜೂನ್ 26 ರಂದು ಗುರುವಾರ ಬೆಳಿಗ್ಗೆ 10-30 ಘಂಟೆಗೆ ಶ್ರೀ ಸಿ.ಎಸ್. ಪಾಟೀಲ ಪದವಿ ಪೂರ್ವ ಮಹಾವಿದ್ಯಾಲಯ ಆವರಣದಲ್ಲಿ ಜರುಗಲಿದೆ. ಕಾರ್ಯಕ್ರಮದ ಉದ್ಘಾಟನೆಯನ್ನು ಶಿವಕುಮಾರಗೌಡ ಎಸ್. ಪಾಟೀಲ ಅಧ್ಯಕ್ಷರು ಕೆ.ಸಿ.ಸಿ. ಬ್ಯಾಂಕ್ ಲಿ. ಧಾರವಾಡ ನೆರವೇರಿಸುವರು. ಅಧ್ಯಕ್ಷತೆಯನ್ನು ಎಸ್.ಎಂ. ಪಾಟೀಲರವರು ವಹಿಸುವರು. ಮುಖ್ಯ ಅತಿಥಿಗಳಾಗಿ ನಿರ್ದೇಶಕರು, ಕರ್ನಾಟಕ ರಾಜ್ಯ ಸಹಕಾರ ಮಹಾಮಂಡಳ ನಿ., ಬೆಂಗಳೂರು ಹಾಗೂ ಜಿಲ್ಲಾ ಸಹಕಾರ ಯೂನಿಯನ್ ಅಧ್ಯಕ್ಷರು, ಉಪಾಧ್ಯಕ್ಷರು ಸೇರಿದಂತೆ ಎಲ್ಲಾ ನಿರ್ದೇಶಕರು ಹಾಗೂ ಸಹಕಾರ ಇಲಾಖೆಯ ಉಪ ನಿಬಂಧಕರು, ಸಹಾಯಕ ನಿಬಂಧಕರು, ಅರಣ್ಯ ಇಲಾಖೆಯ ಅಧಿಕಾರಿಗಳು ಆಗಮಿಸಲಿದ್ದಾರೆ. ಸಹಕಾರಿ ಧುರೀಣರು ಉಪಸ್ಥಿತರಿದ್ದು ಅತಿ ಹೆಚ್ಚಿನ ಸಂಖ್ಯೆಯಲ್ಲಿ ಸಹಕಾರಿಗಳು, ಸಾರ್ವಜನಿಕರು ಭಾಗವಹಿಸಬೇಕೆಂದು ಜಿಲ್ಲಾ ಸಹಕಾರ ಯೂನಿಯನ್ ಪ್ರಕಟಣೆಯಲ್ಲಿ ತಿಳಿಸಿದೆ. ತರಬೇತಿ ಕಾರ್ಯಾಗಾರದಲ್ಲಿ ಅಂತರಾಷ್ಟ್ರೀಯ ಸಹಕಾರ ವರ್ಷಾಚರಣೆ-2025 ಹಾಗೂ ವಿಶ್ವ ಪರಿಸರ ದಿನಾಚರಣೆ ಕುರಿತು ಉಪನ್ಯಾಸ ನೀಡಲಿದ್ದಾರೆ. ಬಸವರಾಜ ಹುಣಸೀಮರದ ಆರ್ಥಿಕ ಸಾಕ್ಷರತೆ ಕುರಿತು ಉಪನ್ಯಾಸ ನೀಡುವರು. ಪರಿಸರ ಜಾಗೃತಿ ಮೂಡಿಸುವ ಉದ್ದೇಶದಿಂದ ಎಲ್ಲರೂ ತಮ್ಮ ತಾಯಿಯ ಹೆಸರಿನಲ್ಲಿ ಒಂದು ಸಸಿಯನ್ನು ನೆಟ್ಟು ಪೋಷಿಸಬೇಕು ಎಂದು ಪ್ರಕಟಣೆ ತಿಳಿಸಿದೆ.

ಆರೋಪ ಹೊತ್ತ ಕೈದಿಗಳಿಗೆ ಸಾಹಿತ್ಯ ಊರುಗೋಲು

ಹಾವೇರಿ: ಅಪರಾಧ ಆರೋಪ ಹೊತ್ತ ಕೈದಿಗಳಿಗೆ ಸಾಹಿತ್ಯ ಊರುಗೋಲಾಗುತ್ತದೆ ಎಂದು ಪೂರ್ವ ವಲಯ ಐಜಿಪಿ ಡಾ.ಬಿ.ಆರ್. ರವಿಕಾಂತೇಗೌಡ ಹೇಳಿದರು. ಹಾವೇರಿ ಜಿಲ್ಲಾ ಕಾರಾಗೃಹದಲ್ಲಿ ಹಮ್ಮಿಕೊಂಡಿದ್ದ ಕಾರ್ಯಕ್ರಮದಲ್ಲಿ ಮಾತನಾಡಿದ ಅವರು, ಪುಸ್ತಕಗಳ ಓದು ಮನಸ್ಸನ್ನು ಪರಿವರ್ತಿಸುತ್ತದೆ. ಕೈದಿಗಳು ತಮ್ಮ ಬಿಡುವಿನ ವೇಳೆಯಲ್ಲಿ ಉತ್ತಮ ಸಾಹಿತ್ಯ ಓದುವ ಮೂಲಕ ಹೊಸ ಜೀವನ ರೂಪಿಸಿಕೊಳ್ಳಬೇಕು. ಜೈಲಿನಲ್ಲಿರುವ ಅವಧಿಯನ್ನು ಆತ್ಮಾವಲೋಕನಕ್ಕೆ ಬಳಸಿಕೊಳ್ಳಬೇಕು ಎಂದು ಸಲಹೆ ನೀಡಿದರು. ಕಾರ್ಯಕ್ರಮದಲ್ಲಿ ಸಾಹಿತಿ ಡಾ.ಬಸವರಾಜ ರಾಮಣ್ಣ ಸಾಹಿತ್ಯ ಓದಿನ ಮಹತ್ವ ಕುರಿತು ಉಪನ್ಯಾಸ ನೀಡಿದರು. ಕಾರಾಗೃಹ ಅಧೀಕ್ಷಕರು, ಜಿಲ್ಲಾ ಕಸಾಪ ಅಧ್ಯಕ್ಷರು ಹಾಗೂ ಸಿಬ್ಬಂದಿ ಉಪಸ್ಥಿತರಿದ್ದರು. ಸಿಟ್ಟಿನ ಕೈಯಲ್ಲಿ ಬುದ್ಧಿ ಕೊಡಬಾರದು, ಸಿಟ್ಟಿನಲ್ಲಿ ಮಾಡಿದ ತಪ್ಪಿಗೆ ಬದುಕು ಪೂರ್ತಿ ಪಶ್ಚಾತ್ತಾಪ ಪಡಬೇಕಾಗುತ್ತದೆ ಎಂದು ಅವರು ಕಿವಿಮಾತು ಹೇಳಿದರು.

ವಾಸಿಯಿಂದ ಸಾಹಿತ್ಯ ಊರುಗೋಲು

ಅಪರಾಧ ಆರೋಪ ಹೊತ್ತ ಕೈದಿಗಳಿಗೆ ಸಾಹಿತ್ಯ ಊರುಗೋಲಾಗುತ್ತದೆ ಎಂದು ಪೂರ್ವ ವಲಯ ಐಜಿಪಿ ಡಾ.ಬಿ.ಆರ್. ರವಿಕಾಂತೇಗೌಡ ಹೇಳಿದರು. ಹಾವೇರಿ ಜಿಲ್ಲಾ ಕಾರಾಗೃಹದಲ್ಲಿ ಹಮ್ಮಿಕೊಂಡಿದ್ದ ಕಾರ್ಯಕ್ರಮದಲ್ಲಿ ಮಾತನಾಡಿದ ಅವರು, ಪುಸ್ತಕಗಳ ಓದು ಮನಸ್ಸನ್ನು ಪರಿವರ್ತಿಸುತ್ತದೆ. ಕೈದಿಗಳು ತಮ್ಮ ಬಿಡುವಿನ ವೇಳೆಯಲ್ಲಿ ಉತ್ತಮ ಸಾಹಿತ್ಯ ಓದುವ ಮೂಲಕ ಆತ್ಮಾವಲೋಕನಕ್ಕೆ ಬಳಸಿಕೊಳ್ಳಬೇಕು ಎಂದು ಸಲಹೆ ನೀಡಿದರು. ಕಾರ್ಯಕ್ರಮದಲ್ಲಿ ಸಾಹಿತಿ ಡಾ.ಬಸವರಾಜ ರಾಮಣ್ಣ ಸಾಹಿತ್ಯ ಓದಿನ ಮಹತ್ವ ಕುರಿತು ಉಪನ್ಯಾಸ ನೀಡಿದರು. ಕಾರಾಗೃಹ ಅಧೀಕ್ಷಕರು, ಜಿಲ್ಲಾ ಕಸಾಪ ಅಧ್ಯಕ್ಷರು ಹಾಗೂ ಸಿಬ್ಬಂದಿ ಉಪಸ್ಥಿತರಿದ್ದರು. ಸಿಟ್ಟಿನ ಕೈಯಲ್ಲಿ ಬುದ್ಧಿ ಕೊಡಬಾರದು, ಸಿಟ್ಟಿನಲ್ಲಿ ಮಾಡಿದ ತಪ್ಪಿಗೆ ಬದುಕು ಪೂರ್ತಿ ಪಶ್ಚಾತ್ತಾಪ ಪಡಬೇಕಾಗುತ್ತದೆ ಎಂದು ಅವರು ಕಿವಿಮಾತು

ಜಿಲ್ಲಾ ಮಟ್ಟದ ಟಾಸ್ಕ್‌ಫೋರ್ಸ್ ಸಮಿತಿ ಸಭೆ

ಗದಗ: 2024-25 ನೇ ಸಾಲಿನ ಮಾರುಕಟ್ಟೆ ಮಧ್ಯ ಪ್ರವೇಶ ಯೋಜನೆಯ ಬೆಲೆವ್ಯತ್ಯಾಸ ಪಾವತಿ (Price Deficiency payment scheme) ಯೋಜನೆಯಡಿಯಲ್ಲಿ ಮಾರುಕಟ್ಟೆ ಮಧ್ಯ ಪ್ರವೇಶ ದರ ಪ್ರತಿ ಕ್ವಿಂಟಾಲ್‌ಗೆ (MIP) ರೂ. 10,589.20 ಗಳು ನಿಗದಿಯಾಗಿದ್ದು, ಮಾರುಕಟ್ಟೆ ಮಧ್ಯ ಪ್ರವೇಶ ಯೋಜನೆಯನ್ನು ಅನುಷ್ಠಾನಗೊಳಿಸುವ ಕುರಿತು ಜಿಲ್ಲಾ ಟಾಸ್ಕ್‌ಫೋರ್ಸ್ ಸಮಿತಿಯ ಸಭೆಯು ಜಿಲ್ಲಾಧಿಕಾರಿ ಸಿ.ಎನ್.ಶ್ರೀಧರ್ ಅವರ ಅಧ್ಯಕ್ಷತೆಯಲ್ಲಿ ಜರುಗಿತು. ಜಿಲ್ಲಾಧಿಕಾರಿ ಸಿ.ಎನ್.ಶ್ರೀಧರ್ ಅವರು ಮಾತನಾಡಿ ಮಾರುಕಟ್ಟೆಯಲ್ಲಿ ಹೆಸರುಕಾಳು ಧಾರಣೆ ಕುಸಿದ ಸಂದರ್ಭದಲ್ಲಿ ರೈತರ ಹಿತರಕ್ಷಣೆಗಾಗಿ ಮಾರುಕಟ್ಟೆ ಮಧ್ಯ ಪ್ರವೇಶ ಯೋಜನೆಯಡಿ ಬೆಲೆ ವ್ಯತ್ಯಾಸದ ಮೊತ್ತವನ್ನು ರೈತರ ಖಾತೆಗೆ ನೇರವಾಗಿ ಜಮೆ ಮಾಡಲಾಗುವುದು. ರೈತರ ನೋಂದಣಿ ಪ್ರಕ್ರಿಯೆಯನ್ನು ಫ್ರೂಟ್ಸ್ ತಂತ್ರಾಂಶದ ಮೂಲಕ ಕೈಗೊಳ್ಳಬೇಕು. ಖರೀದಿ ಕೇಂದ್ರಗಳಲ್ಲಿ ರೈತರಿಗೆ ಯಾವುದೇ ತೊಂದರೆಯಾಗದಂತೆ ಅಗತ್ಯ ಮೂಲಭೂತ ಸೌಕರ್ಯಗಳನ್ನು ಕಲ್ಪಿಸಬೇಕು. ಗುಣಮಟ್ಟ ಪರೀಕ್ಷೆಗಾಗಿ ಗ್ರೇಡರ್‌ಗಳನ್ನು ನೇಮಿಸಬೇಕು ಎಂದು ತಿಳಿಸಿದರು. ಈಗಾಗಲೇ ಜಿಲ್ಲೆಯಲ್ಲಿ ಒಟ್ಟು 358855.89 ಕ್ವಿಂಟಾಲ್ ಹೆಸರುಕಾಳು ಉತ್ಪಾದನೆ ಅಂದಾಜಿಸಲಾಗಿದ್ದು, ಪ್ರತಿ ಹೆಕ್ಟೇರ್‌ಗೆ 8 ಕ್ವಿಂಟಾಲ್ ಇಳುವರಿ ಪ್ರಮಾಣವನ್ನು ನಿಗದಿಪಡಿಸಲಾಗಿದೆ. ಕೃಷಿ ಮಾರಾಟ ಇಲಾಖೆಯ ಸಹಾಯಕ ನಿರ್ದೇಶಕರು ಸಭೆಗೆ ಮಾಹಿತಿ ನೀಡಿ Price Deficiency payment scheme (UMP) ಅಡಿ ಹೆಸರುಕಾಳು ಖರೀದಿಗೆ ಕ್ರಮ ವಹಿಸಲಾಗಿದೆ ಎಂದರು. ಸಭೆಯಲ್ಲಿ ಜಂಟಿ ಕೃಷಿ ನಿರ್ದೇಶಕ ತಾರಾಮಣಿ, ಆಹಾರ ಮತ್ತು ನಾಗರಿಕ ಸರಬರಾಜು ಇಲಾಖೆ ಉಪನಿರ್ದೇಶಕರು, ಸಹಕಾರ ಸಂಘಗಳ ಉಪ ನಿಬಂಧಕರು, ಕೃಷಿ ಮಾರಾಟ ಇಲಾಖೆ ಸಹಾಯಕ ನಿರ್ದೇಶಕರು, ಕೃಷಿ ಉತ್ಪನ್ನ ಮಾರುಕಟ್ಟೆ ಸಮಿತಿ ಕಾರ್ಯದರ್ಶಿ ಹಾಜರಿದ್ದರು.

ಜಿಲ್ಲಾ ಮಟ್ಟದ ಸಮನ್ವಯ ಸಮಿತಿ ಸಭೆಯಲ್ಲಿ ಜಿ.ಪಂ ಸಿಇಒ ಎಸ್.ಜೆ.ಸೋಮಶೇಖರ್ ಸೂಚನೆ
ಬಾಲ ಗರ್ಭಿಣಿಯರ ಪ್ರಕರಣ: ಹೆಚ್ಚಿನ ಜಾಗೃತಿ ಮೂಡಿಸಿ

ಚಿತ್ರದುರ್ಗ: ಜಿಲ್ಲೆಯಲ್ಲಿ ಕಂಡುಬರುವ ಬಾಲ್ಯ ವಿವಾಹ ಹಾಗೂ ಬಾಲ ಗರ್ಭಿಣಿಯರ ಪ್ರಕರಣಗಳನ್ನು ಅಧಿಕಾರಿಗಳು ಗಂಭೀರವಾಗಿ ಪರಿಗಣಿಸಿ, ಸಾರ್ವಜನಿಕರಲ್ಲಿ ಹೆಚ್ಚಿನ ಜಾಗೃತಿ ಮೂಡಿಸಬೇಕು ಎಂದು ಜಿಲ್ಲಾ ಪಂಚಾಯಿತಿ ಮುಖ್ಯ ಕಾರ್ಯನಿರ್ವಾಹಕ ಅಧಿಕಾರಿ ಎಸ್.ಜೆ.ಸೋಮಶೇಖರ್ ಸೂಚನೆ ನೀಡಿದರು. ನಗರದ ಜಿಲ್ಲಾ ಪಂಚಾಯತ್ ಸಭಾಂಗಣದಲ್ಲಿ ಮಂಗಳವಾರ ಜಿಲ್ಲಾ ಆರೋಗ್ಯ ಮತ್ತು ಕುಟುಂಬ ಕಲ್ಯಾಣ ಇಲಾಖೆಯ ವಿವಿಧ ಯೋಜನೆಗಳ ಜಿಲ್ಲಾ ಮಟ್ಟದ ಸಮನ್ವಯ ಸಮಿತಿ ಸಭೆಯ ಅಧ್ಯಕ್ಷತೆ ವಹಿಸಿ ಅವರು ಮಾತನಾಡಿದರು. ಬಾಲ್ಯ ವಿವಾಹ ಮತ್ತು ಬಾಲ ಗರ್ಭಿಣಿಯರ ಪ್ರಕರಣ ತಡೆಗೆ ಹೆಚ್ಚು ಜಾಗೃತಿ ಅಗತ್ಯ. ಶಾಲಾ ಶಿಕ್ಷಣ ಇಲಾಖೆ, ಮಹಿಳಾ ಮತ್ತು ಮಕ್ಕಳ ಅಭಿವೃದ್ಧಿ ಇಲಾಖೆ, ಆರೋಗ್ಯ ಇಲಾಖೆ ಸೇರಿದಂತೆ ವಿವಿಧ ಇಲಾಖೆಗಳು ಸಮನ್ವಯದಿಂದ ಕಾರ್ಯನಿರ್ವಹಿಸಬೇಕು. ಜಿಲ್ಲೆಯಲ್ಲಿ ಮಳೆ ವ್ಯಾಪಕವಾಗಿ ಸುರಿಯುತ್ತಿರುವ ಹಿನ್ನೆಲೆಯಲ್ಲಿ ಡೆಂಗ್ಯೂ, ಮಲೇರಿಯಾ, ಚಿಕೂನ್‌ಗುನ್ಯಾ ಹಾಗೂ ಕಾಲರಾದಂತಹ ಸಾಂಕ್ರಾಮಿಕ ರೋಗಗಳು ಹರಡದಂತೆ ಮುಂಜಾಗ್ರತಾ ಕ್ರಮ ಕೈಗೊಳ್ಳಬೇಕು. ಗ್ರಾಮ ಪಂಚಾಯಿತಿ ಮಟ್ಟದಲ್ಲಿ ನೀರಿನ ಟ್ಯಾಂಕ್‌ಗಳನ್ನು ಸ್ವಚ್ಛಗೊಳಿಸಬೇಕು. ಲಾರ್ವಾ ಸಮೀಕ್ಷೆ ನಡೆಸಿ ಸೊಳ್ಳೆಗಳ ಉತ್ಪತ್ತಿ ತಾಣಗಳನ್ನು ನಾಶಪಡಿಸಬೇಕು ಎಂದು ತಿಳಿಸಿದರು. ಜುಲೈ 31 ರವರೆಗೆ ಅತಿಸಾರಭೇದಿ ನಿಯಂತ್ರಣ ಪಾಕ್ಷಿಕ ಆಚರಿಸಲಾಗುತ್ತಿದ್ದು ಓಆರ್‌ಎಸ್ ದ್ರಾವಣ ಹಾಗೂ ಜಿಂಕ್ ಮಾತ್ರೆ ವಿತರಿಸಬೇಕು. ಕ್ಷಯರೋಗ ನಿರ್ಮೂಲನಾ ಕಾರ್ಯಕ್ರಮದಡಿ ಜಿಲ್ಲೆಯಲ್ಲಿ 100 ದಿನಗಳ ಟಿಬಿ ಮುಕ್ತ ಅಭಿಯಾನ ಯಶಸ್ವಿಗೊಳಿಸಬೇಕು. ಆಶಾ ಕಾರ್ಯಕರ್ತೆಯರು ಮನೆ ಮನೆಗೆ ಭೇಟಿ ನೀಡಿ ಆರೋಗ್ಯ ಜಾಗೃತಿ ಮೂಡಿಸಬೇಕು ಎಂದು ಹೇಳಿದರು. ಸಭೆಯಲ್ಲಿ ಜಿಲ್ಲಾ ಆರೋಗ್ಯ ಮತ್ತು ಕುಟುಂಬ ಕಲ್ಯಾಣಾಧಿಕಾರಿ ಡಾ.ಪಿ.ರೇಣುಪ್ರಸಾದ್, ಜಿಲ್ಲಾ ಶಸ್ತ್ರಚಿಕಿತ್ಸಕ ಡಾ.ಎಸ್.ಪಿ.ರವೀಂದ್ರ, ಜಿಲ್ಲಾ ಸರ್ವೇಕ್ಷಣಾಧಿಕಾರಿ ಡಾ.ಎನ್.ಕಾಶಿ, ಜಿಲ್ಲಾ ಆರ್‌ಸಿಎಚ್ ಅಧಿಕಾರಿ ಡಾ.ಚಂದ್ರಶೇಖರ್ ಕಂಬಾಳಿಮಠ, ಜಿಲ್ಲಾ ಕ್ಷಯರೋಗ ನಿಯಂತ್ರಣಾಧಿಕಾರಿ ಡಾ.ಕುಮಾರಸ್ವಾಮಿ, ಮಹಿಳಾ ಮತ್ತು ಮಕ್ಕಳ ಅಭಿವೃದ್ಧಿ ಇಲಾಖೆ ಉಪನಿರ್ದೇಶಕ ವಿಜಯ್ ಕುಮಾರ್ ಸೇರಿದಂತೆ ವಿವಿಧ ಇಲಾಖೆಯ ಅಧಿಕಾರಿಗಳು ಇದ್ದರು.

ಜಿಲ್ಲೆಯಲ್ಲಿ ಕಂಡುಬರುವ ಬಾಲ್ಯ ವಿವಾಹ ಹಾಗೂ ಬಾಲ ಗರ್ಭಿಣಿಯರ ಪ್ರಕರಣಗಳನ್ನು ಅಧಿಕಾರಿಗಳು ಗಂಭೀರವಾಗಿ ಪರಿಗಣಿಸಿ, ಸಾರ್ವಜನಿಕರಲ್ಲಿ ಹೆಚ್ಚಿನ ಜಾಗೃತಿ ಮೂಡಿಸಬೇಕು ಎಂದು ಜಿಲ್ಲಾ ಪಂಚಾಯಿತಿ ಮುಖ್ಯ ಕಾರ್ಯನಿರ್ವಾಹಕ ಅಧಿಕಾರಿ ಎಸ್.ಜೆ.ಸೋಮಶೇಖರ್ ಸೂಚನೆ ನೀಡಿದರು. ನಗರದ ಜಿಲ್ಲಾ ಪಂಚಾಯತ್ ಸಭಾಂಗಣದಲ್ಲಿ ಮಂಗಳವಾರ ಜಿಲ್ಲಾ ಆರೋಗ್ಯ ಮತ್ತು ಕುಟುಂಬ ಕಲ್ಯಾಣ ಇಲಾಖೆಯ ವಿವಿಧ ಯೋಜನೆಗಳ ಜಿಲ್ಲಾ ಮಟ್ಟದ ಸಮನ್ವಯ ಸಮಿತಿ ಸಭೆಯ ಅಧ್ಯಕ್ಷತೆ ವಹಿಸಿ ಅವರು ಮಾತನಾಡಿದರು. ಬಾಲ್ಯ ವಿವಾಹ ಮತ್ತು ಬಾಲ ಗರ್ಭಿಣಿಯರ ಪ್ರಕರಣ ತಡೆಗೆ ಹೆಚ್ಚು ಜಾಗೃತಿ ಅಗತ್ಯ. ಶಾಲಾ ಶಿಕ್ಷಣ ಇಲಾಖೆ, ಮಹಿಳಾ ಮತ್ತು ಮಕ್ಕಳ ಅಭಿವೃದ್ಧಿ ಇಲಾಖೆ, ಆರೋಗ್ಯ ಇಲಾಖೆ ಸೇರಿದಂತೆ ವಿವಿಧ ಇಲಾಖೆಗಳು ಸಮನ್ವಯದಿಂದ ಕಾರ್ಯನಿರ್ವಹಿಸಬೇಕು. ಜಿಲ್ಲೆಯಲ್ಲಿ ಮಳೆ ವ್ಯಾಪಕವಾಗಿ ಸುರಿಯುತ್ತಿರುವ ಹಿನ್ನೆಲೆಯಲ್ಲಿ ಡೆಂಗ್ಯೂ, ಮಲೇರಿಯಾ, ಚಿಕೂನ್‌ಗುನ್ಯಾ ಹಾಗೂ ಕಾಲರಾದಂತಹ ಸಾಂಕ್ರಾಮಿಕ ರೋಗಗಳು ಹರಡದಂತೆ ಮುಂಜಾಗ್ರತಾ ಕ್ರಮ ಕೈಗೊಳ್ಳಬೇಕು. ಗ್ರಾಮ ಪಂಚಾಯಿತಿ ಮಟ್ಟದಲ್ಲಿ ನೀರಿನ ಟ್ಯಾಂಕ್‌ಗಳನ್ನು ಸ್ವಚ್ಛಗೊಳಿಸಬೇಕು. ಲಾರ್ವಾ ಸಮೀಕ್ಷೆ ನಡೆಸಿ ಸೊಳ್ಳೆಗಳ ಉತ್ಪತ್ತಿ ತಾಣಗಳನ್ನು ನಾಶಪಡಿಸಬೇಕು ಎಂದು ತಿಳಿಸಿದರು. ಜುಲೈ 31 ರವರೆಗೆ ಅತಿಸಾರಭೇದಿ ನಿಯಂತ್ರಣ ಪಾಕ್ಷಿಕ ಆಚರಿಸಲಾಗುತ್ತಿದ್ದು ಓಆರ್‌ಎಸ್ ದ್ರಾವಣ ಹಾಗೂ ಜಿಂಕ್ ಮಾತ್ರೆ ವಿತರಿಸಬೇಕು. ಕ್ಷಯರೋಗ ನಿರ್ಮೂಲನಾ ಕಾರ್ಯಕ್ರಮದಡಿ ಜಿಲ್ಲೆಯಲ್ಲಿ 100 ದಿನಗಳ ಟಿಬಿ ಮುಕ್ತ ಅಭಿಯಾನ ಯಶಸ್ವಿಗೊಳಿಸಬೇಕು. ಆಶಾ ಕಾರ್ಯಕರ್ತೆಯರು ಮನೆ ಮನೆಗೆ ಭೇಟಿ ನೀಡಿ ಆರೋಗ್ಯ ಜಾಗೃತಿ ಮೂಡಿಸಬೇಕು ಎಂದು ಹೇಳಿದರು. ಸಭೆಯಲ್ಲಿ ಜಿಲ್ಲಾ ಆರೋಗ್ಯ ಮತ್ತು ಕುಟುಂಬ ಕಲ್ಯಾಣಾಧಿಕಾರಿ ಡಾ.ಪಿ.ರೇಣುಪ್ರಸಾದ್, ಜಿಲ್ಲಾ ಶಸ್ತ್ರಚಿಕಿತ್ಸಕ ಡಾ.ಎಸ್.ಪಿ.ರವೀಂದ್ರ, ಜಿಲ್ಲಾ ಸರ್ವೇಕ್ಷಣಾಧಿಕಾರಿ ಡಾ.ಎನ್.ಕಾಶಿ, ಜಿಲ್ಲಾ ಆರ್‌ಸಿಎಚ್ ಅಧಿಕಾರಿ ಡಾ.ಚಂದ್ರಶೇಖರ್ ಕಂಬಾಳಿಮಠ, ಜಿಲ್ಲಾ ಕ್ಷಯರೋಗ ನಿಯಂತ್ರಣಾಧಿಕಾರಿ ಡಾ.ಕುಮಾರಸ್ವಾಮಿ, ಮಹಿಳಾ ಮತ್ತು ಮಕ್ಕಳ ಅಭಿವೃದ್ಧಿ ಇಲಾಖೆ ಉಪನಿರ್ದೇಶಕ ವಿಜಯ್ ಕುಮಾರ್ ಸೇರಿದಂತೆ ವಿವಿಧ ಇಲಾಖೆಯ ಅಧಿಕಾರಿಗಳು ಇದ್ದರು.

ಜಿಲ್ಲೆಯಲ್ಲಿ ಕಂಡುಬರುವ ಬಾಲ್ಯ ವಿವಾಹ ಹಾಗೂ ಬಾಲ ಗರ್ಭಿಣಿಯರ ಪ್ರಕರಣಗಳನ್ನು ಅಧಿಕಾರಿಗಳು ಗಂಭೀರವಾಗಿ ಪರಿಗಣಿಸಿ, ಸಾರ್ವಜನಿಕರಲ್ಲಿ ಹೆಚ್ಚಿನ ಜಾಗೃತಿ ಮೂಡಿಸಬೇಕು ಎಂದು ಜಿಲ್ಲಾ ಪಂಚಾಯಿತಿ ಮುಖ್ಯ ಕಾರ್ಯನಿರ್ವಾಹಕ ಅಧಿಕಾರಿ ಎಸ್.ಜೆ.ಸೋಮಶೇಖರ್ ಸೂಚನೆ ನೀಡಿದರು. ನಗರದ ಜಿಲ್ಲಾ ಪಂಚಾಯತ್ ಸಭಾಂಗಣದಲ್ಲಿ ಮಂಗಳವಾರ ಜಿಲ್ಲಾ ಆರೋಗ್ಯ ಮತ್ತು ಕುಟುಂಬ ಕಲ್ಯಾಣ ಇಲಾಖೆಯ ವಿವಿಧ ಯೋಜನೆಗಳ ಜಿಲ್ಲಾ ಮಟ್ಟದ ಸಮನ್ವಯ ಸಮಿತಿ ಸಭೆಯ ಅಧ್ಯಕ್ಷತೆ ವಹಿಸಿ ಅವರು ಮಾತನಾಡಿದರು. ಬಾಲ್ಯ ವಿವಾಹ ಮತ್ತು ಬಾಲ ಗರ್ಭಿಣಿಯರ ಪ್ರಕರಣ ತಡೆಗೆ ಹೆಚ್ಚು ಜಾಗೃತಿ ಅಗತ್ಯ. ಶಾಲಾ ಶಿಕ್ಷಣ ಇಲಾಖೆ, ಮಹಿಳಾ ಮತ್ತು ಮಕ್ಕಳ ಅಭಿವೃದ್ಧಿ ಇಲಾಖೆ, ಆರೋಗ್ಯ ಇಲಾಖೆ ಸೇರಿದಂತೆ ವಿವಿಧ ಇಲಾಖೆಗಳು ಸಮನ್ವಯದಿಂದ ಕಾರ್ಯನಿರ್ವಹಿಸಬೇಕು. ಜಿಲ್ಲೆಯಲ್ಲಿ ಮಳೆ ವ್ಯಾಪಕವಾಗಿ ಸುರಿಯುತ್ತಿರುವ ಹಿನ್ನೆಲೆಯಲ್ಲಿ ಡೆಂಗ್ಯೂ, ಮಲೇರಿಯಾ, ಚಿಕೂನ್‌ಗುನ್ಯಾ ಹಾಗೂ ಕಾಲರಾದಂತಹ ಸಾಂಕ್ರಾಮಿಕ ರೋಗಗಳು ಹರಡದಂತೆ ಮುಂಜಾಗ್ರತಾ ಕ್ರಮ ಕೈಗೊಳ್ಳಬೇಕು. ಗ್ರಾಮ ಪಂಚಾಯಿತಿ ಮಟ್ಟದಲ್ಲಿ ನೀರಿನ ಟ್ಯಾಂಕ್‌ಗಳನ್ನು ಸ್ವಚ್ಛಗೊಳಿಸಬೇಕು. ಲಾರ್ವಾ ಸಮೀಕ್ಷೆ ನಡೆಸಿ ಸೊಳ್ಳೆಗಳ ಉತ್ಪತ್ತಿ ತಾಣಗಳನ್ನು ನಾಶಪಡಿಸಬೇಕು ಎಂದು ತಿಳಿಸಿದರು. ಜುಲೈ 31 ರವರೆಗೆ ಅತಿಸಾರಭೇದಿ ನಿಯಂತ್ರಣ ಪಾಕ್ಷಿಕ ಆಚರಿಸಲಾಗುತ್ತಿದ್ದು ಓಆರ್‌ಎಸ್ ದ್ರಾವಣ ಹಾಗೂ ಜಿಂಕ್ ಮಾತ್ರೆ ವಿತರಿಸಬೇಕು. ಕ್ಷಯರೋಗ ನಿರ್ಮೂಲನಾ ಕಾರ್ಯಕ್ರಮದಡಿ ಜಿಲ್ಲೆಯಲ್ಲಿ 100 ದಿನಗಳ ಟಿಬಿ ಮುಕ್ತ ಅಭಿಯಾನ ಯಶಸ್ವಿಗೊಳಿಸಬೇಕು. ಆಶಾ ಕಾರ್ಯಕರ್ತೆಯರು ಮನೆ ಮನೆಗೆ ಭೇಟಿ ನೀಡಿ ಆರೋಗ್ಯ ಜಾಗೃತಿ ಮೂಡಿಸಬೇಕು ಎಂದು ಹೇಳಿದರು. ಸಭೆಯಲ್ಲಿ ಜಿಲ್ಲಾ ಆರೋಗ್ಯ ಮತ್ತು ಕುಟುಂಬ ಕಲ್ಯಾಣಾಧಿಕಾರಿ ಡಾ.ಪಿ.ರೇಣುಪ್ರಸಾದ್, ಜಿಲ್ಲಾ ಶಸ್ತ್ರಚಿಕಿತ್ಸಕ ಡಾ.ಎಸ್.ಪಿ.ರವೀಂದ್ರ, ಜಿಲ್ಲಾ ಸರ್ವೇಕ್ಷಣಾಧಿಕಾರಿ ಡಾ.ಎನ್.ಕಾಶಿ, ಜಿಲ್ಲಾ ಆರ್‌ಸಿಎಚ್ ಅಧಿಕಾರಿ ಡಾ.ಚಂದ್ರಶೇಖರ್ ಕಂಬಾಳಿಮಠ, ಜಿಲ್ಲಾ ಕ್ಷಯರೋಗ ನಿಯಂತ್ರಣಾಧಿಕಾರಿ ಡಾ.ಕುಮಾರಸ್ವಾಮಿ, ಮಹಿಳಾ ಮತ್ತು ಮಕ್ಕಳ ಅಭಿವೃದ್ಧಿ ಇಲಾಖೆ ಉಪನಿರ್ದೇಶಕ ವಿಜಯ್ ಕುಮಾರ್ ಸೇರಿದಂತೆ ವಿವಿಧ ಇಲಾಖೆಯ ಅಧಿಕಾರಿಗಳು ಇದ್ದರು.
